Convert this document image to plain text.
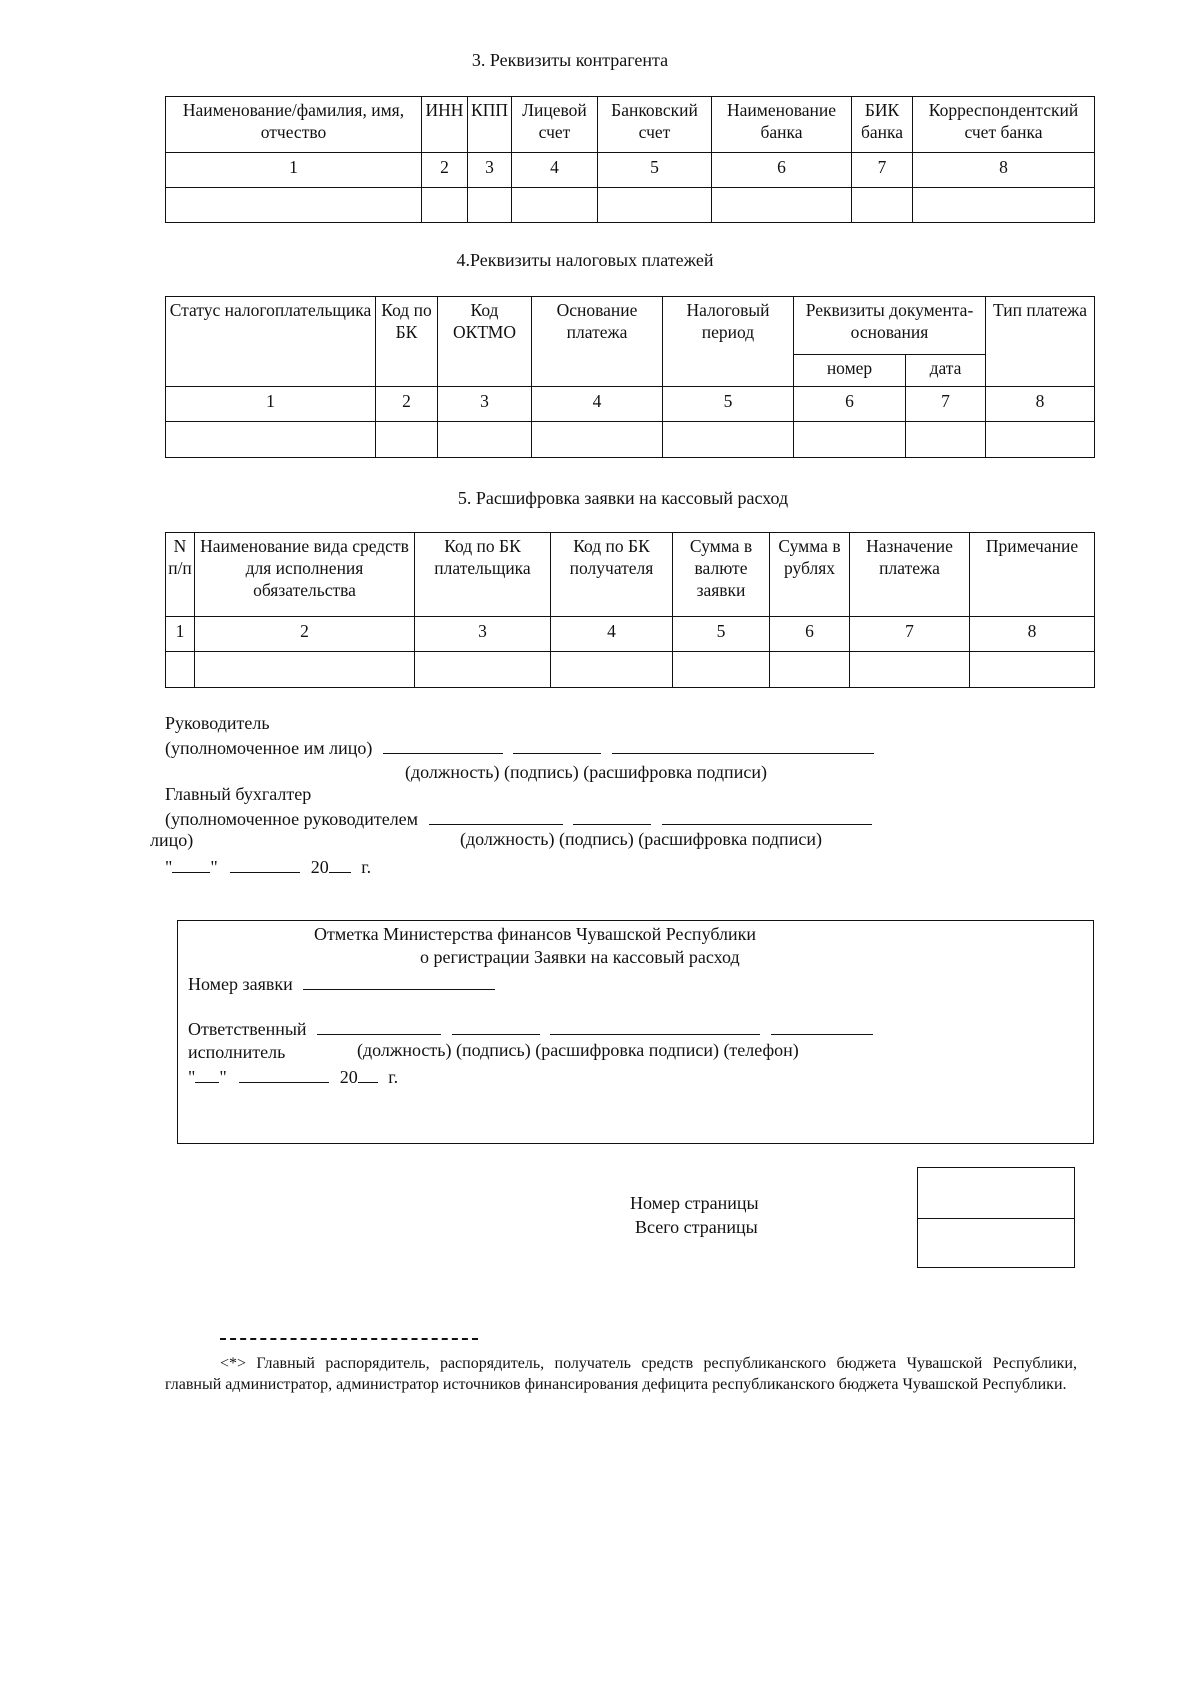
3. Реквизиты контрагента
Наименование/фамилия, имя, отчество	ИНН	КПП	Лицевой счет	Банковский счет	Наименование банка	БИК банка	Корреспондентский счет банка
1	2	3	4	5	6	7	8

4.Реквизиты налоговых платежей
Статус налогоплательщика	Код по БК	Код ОКТМО	Основание платежа	Налоговый период	Реквизиты документа-основания		Тип платежа
					номер	дата	
1	2	3	4	5	6	7	8

5. Расшифровка заявки на кассовый расход
N п/п	Наименование вида средств для исполнения обязательства	Код по БК плательщика	Код по БК получателя	Сумма в валюте заявки	Сумма в рублях	Назначение платежа	Примечание
1	2	3	4	5	6	7	8

Руководитель
(уполномоченное им лицо)
(должность) (подпись) (расшифровка подписи)
Главный бухгалтер
(уполномоченное руководителем
лицо)	(должность) (подпись) (расшифровка подписи)
" "	20 г.
Отметка Министерства финансов Чувашской Республики
о регистрации Заявки на кассовый расход
Номер заявки
Ответственный
исполнитель	(должность) (подпись) (расшифровка подписи) (телефон)
" "	20 г.
Номер страницы
Всего страницы
<*> Главный распорядитель, распорядитель, получатель средств республиканского бюджета Чувашской Республики, главный администратор, администратор источников финансирования дефицита республиканского бюджета Чувашской Республики.
